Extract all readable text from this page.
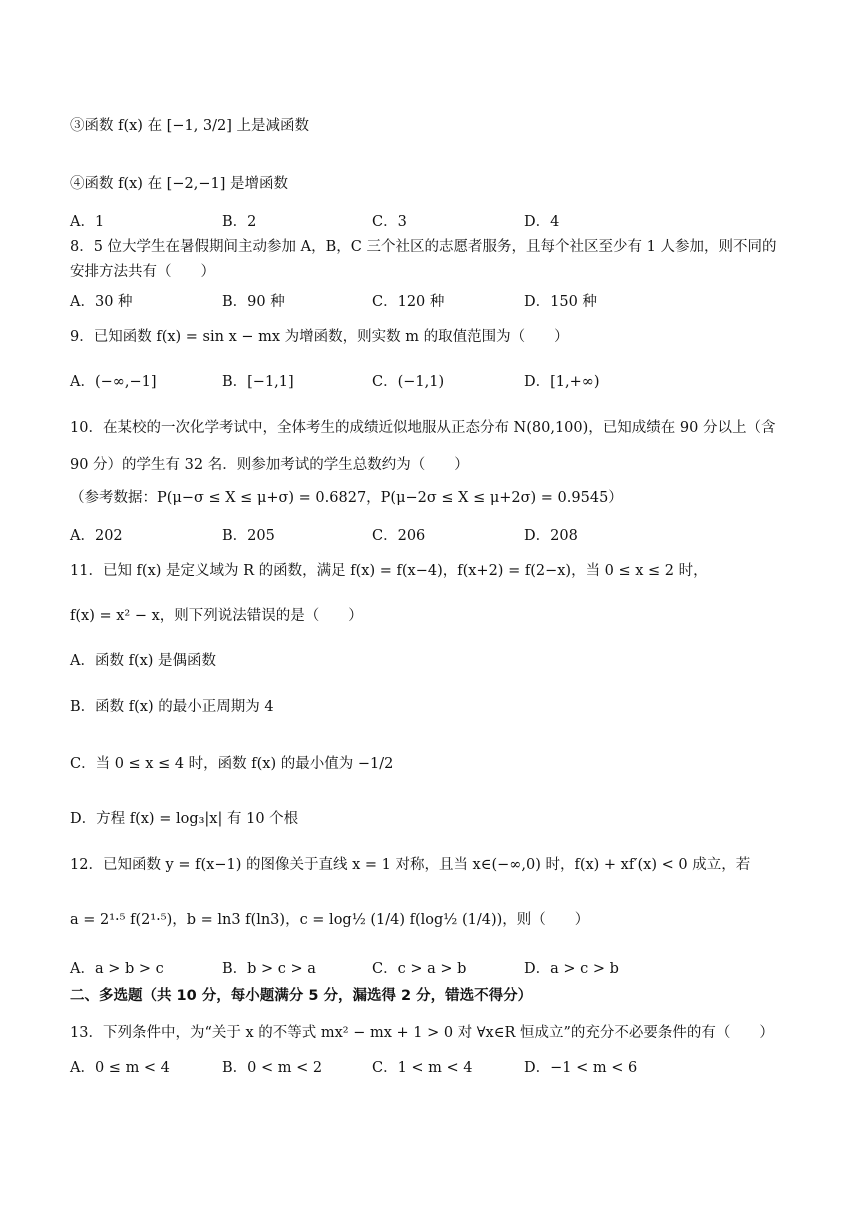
③函数 f(x) 在 [−1, 3/2] 上是减函数
④函数 f(x) 在 [−2,−1] 是增函数
A．1	B．2	C．3	D．4
8．5 位大学生在暑假期间主动参加 A，B，C 三个社区的志愿者服务，且每个社区至少有 1 人参加，则不同的
安排方法共有（　　）
A．30 种	B．90 种	C．120 种	D．150 种
9．已知函数 f(x) = sin x − mx 为增函数，则实数 m 的取值范围为（　　）
A．(−∞,−1]	B．[−1,1]	C．(−1,1)	D．[1,+∞)
10．在某校的一次化学考试中，全体考生的成绩近似地服从正态分布 N(80,100)，已知成绩在 90 分以上（含
90 分）的学生有 32 名．则参加考试的学生总数约为（　　）
（参考数据：P(μ−σ ≤ X ≤ μ+σ) = 0.6827，P(μ−2σ ≤ X ≤ μ+2σ) = 0.9545）
A．202	B．205	C．206	D．208
11．已知 f(x) 是定义域为 R 的函数，满足 f(x) = f(x−4)，f(x+2) = f(2−x)，当 0 ≤ x ≤ 2 时，
f(x) = x² − x，则下列说法错误的是（　　）
A．函数 f(x) 是偶函数
B．函数 f(x) 的最小正周期为 4
C．当 0 ≤ x ≤ 4 时，函数 f(x) 的最小值为 −1/2
D．方程 f(x) = log₃|x| 有 10 个根
12．已知函数 y = f(x−1) 的图像关于直线 x = 1 对称，且当 x∈(−∞,0) 时，f(x) + xf′(x) < 0 成立，若
a = 2¹·⁵ f(2¹·⁵)，b = ln3 f(ln3)，c = log½ (1/4) f(log½ (1/4))，则（　　）
A．a > b > c	B．b > c > a	C．c > a > b	D．a > c > b
二、多选题（共 10 分，每小题满分 5 分，漏选得 2 分，错选不得分）
13．下列条件中，为“关于 x 的不等式 mx² − mx + 1 > 0 对 ∀x∈R 恒成立”的充分不必要条件的有（　　）
A．0 ≤ m < 4	B．0 < m < 2	C．1 < m < 4	D．−1 < m < 6
